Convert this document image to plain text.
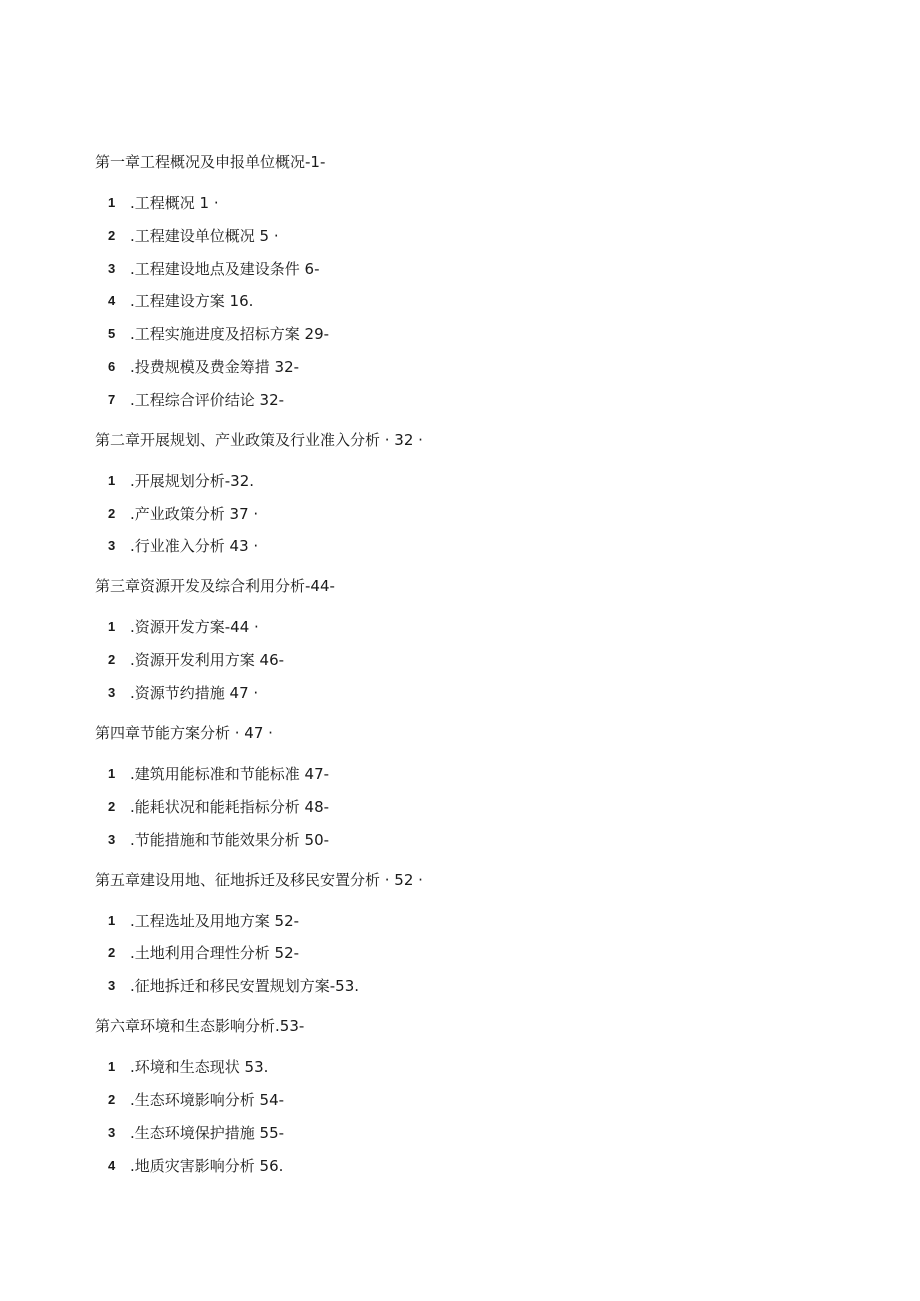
第一章工程概况及申报单位概况-1-

1 .工程概况 1 ·
2 .工程建设单位概况 5 ·
3 .工程建设地点及建设条件 6-
4 .工程建设方案 16.
5 .工程实施进度及招标方案 29-
6 .投费规模及费金筹措 32-
7 .工程综合评价结论 32-

第二章开展规划、产业政策及行业准入分析 · 32 ·

1 .开展规划分析-32.
2 .产业政策分析 37 ·
3 .行业准入分析 43 ·

第三章资源开发及综合利用分析-44-

1 .资源开发方案-44 ·
2 .资源开发利用方案 46-
3 .资源节约措施 47 ·

第四章节能方案分析 · 47 ·

1 .建筑用能标准和节能标准 47-
2 .能耗状况和能耗指标分析 48-
3 .节能措施和节能效果分析 50-

第五章建设用地、征地拆迁及移民安置分析 · 52 ·

1 .工程选址及用地方案 52-
2 .土地利用合理性分析 52-
3 .征地拆迁和移民安置规划方案-53.

第六章环境和生态影响分析.53-

1 .环境和生态现状 53.
2 .生态环境影响分析 54-
3 .生态环境保护措施 55-
4 .地质灾害影响分析 56.
